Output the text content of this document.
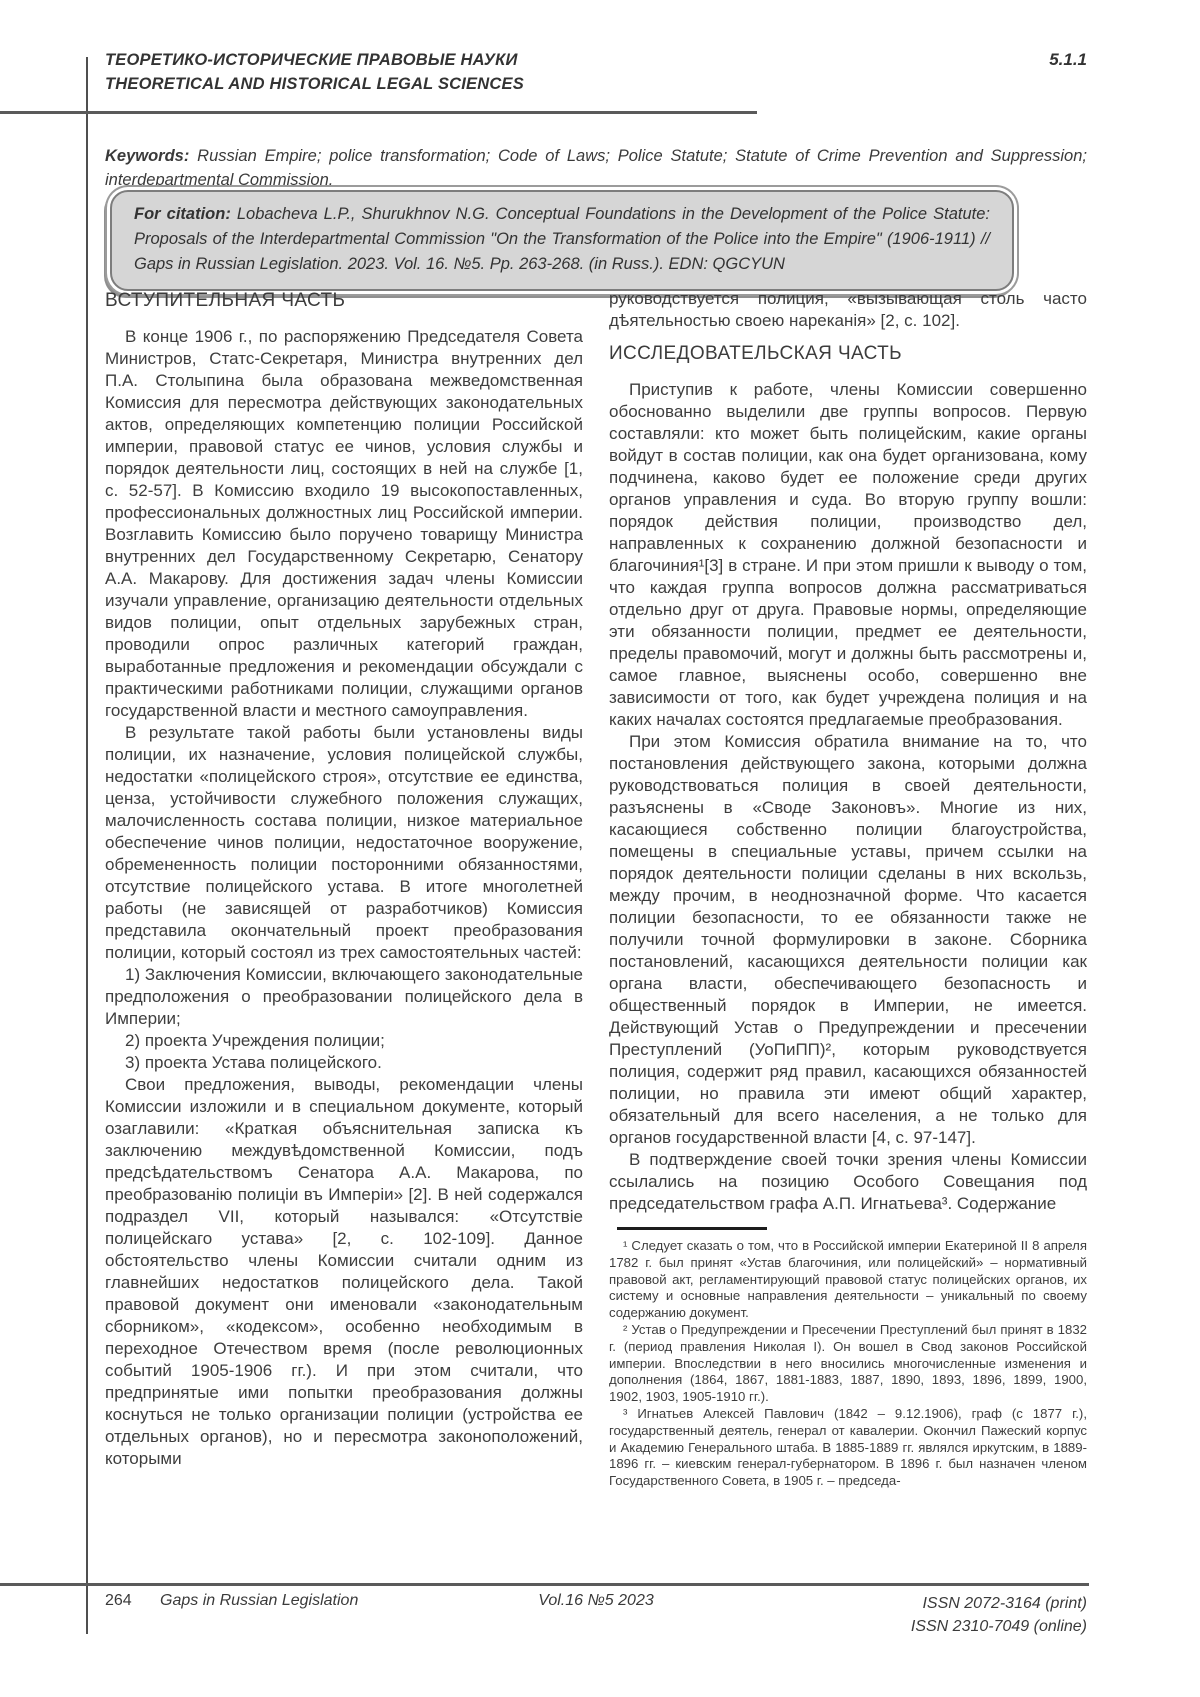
ТЕОРЕТИКО-ИСТОРИЧЕСКИЕ ПРАВОВЫЕ НАУКИ
THEORETICAL AND HISTORICAL LEGAL SCIENCES
5.1.1

Keywords: Russian Empire; police transformation; Code of Laws; Police Statute; Statute of Crime Prevention and Suppression; interdepartmental Commission.

For citation: Lobacheva L.P., Shurukhnov N.G. Conceptual Foundations in the Development of the Police Statute: Proposals of the Interdepartmental Commission "On the Transformation of the Police into the Empire" (1906-1911) // Gaps in Russian Legislation. 2023. Vol. 16. №5. Pp. 263-268. (in Russ.). EDN: QGCYUN
ВСТУПИТЕЛЬНАЯ ЧАСТЬ

В конце 1906 г., по распоряжению Председателя Совета Министров, Статс-Секретаря, Министра внутренних дел П.А. Столыпина была образована межведомственная Комиссия для пересмотра действующих законодательных актов, определяющих компетенцию полиции Российской империи, правовой статус ее чинов, условия службы и порядок деятельности лиц, состоящих в ней на службе [1, с. 52-57]. В Комиссию входило 19 высокопоставленных, профессиональных должностных лиц Российской империи. Возглавить Комиссию было поручено товарищу Министра внутренних дел Государственному Секретарю, Сенатору А.А. Макарову. Для достижения задач члены Комиссии изучали управление, организацию деятельности отдельных видов полиции, опыт отдельных зарубежных стран, проводили опрос различных категорий граждан, выработанные предложения и рекомендации обсуждали с практическими работниками полиции, служащими органов государственной власти и местного самоуправления.

В результате такой работы были установлены виды полиции, их назначение, условия полицейской службы, недостатки «полицейского строя», отсутствие ее единства, ценза, устойчивости служебного положения служащих, малочисленность состава полиции, низкое материальное обеспечение чинов полиции, недостаточное вооружение, обремененность полиции посторонними обязанностями, отсутствие полицейского устава. В итоге многолетней работы (не зависящей от разработчиков) Комиссия представила окончательный проект преобразования полиции, который состоял из трех самостоятельных частей:

1) Заключения Комиссии, включающего законодательные предположения о преобразовании полицейского дела в Империи;

2) проекта Учреждения полиции;

3) проекта Устава полицейского.

Свои предложения, выводы, рекомендации члены Комиссии изложили и в специальном документе, который озаглавили: «Краткая объяснительная записка къ заключению междувѣдомственной Комиссии, подъ предсѣдательствомъ Сенатора А.А. Макарова, по преобразованію полиціи въ Имперіи» [2]. В ней содержался подраздел VII, который назывался: «Отсутствіе полицейскаго устава» [2, с. 102-109]. Данное обстоятельство члены Комиссии считали одним из главнейших недостатков полицейского дела. Такой правовой документ они именовали «законодательным сборником», «кодексом», особенно необходимым в переходное Отечеством время (после революционных событий 1905-1906 гг.). И при этом считали, что предпринятые ими попытки преобразования должны коснуться не только организации полиции (устройства ее отдельных органов), но и пересмотра законоположений, которыми

руководствуется полиция, «вызывающая столь часто дѣятельностью своею нареканія» [2, с. 102].

ИССЛЕДОВАТЕЛЬСКАЯ ЧАСТЬ

Приступив к работе, члены Комиссии совершенно обоснованно выделили две группы вопросов. Первую составляли: кто может быть полицейским, какие органы войдут в состав полиции, как она будет организована, кому подчинена, каково будет ее положение среди других органов управления и суда. Во вторую группу вошли: порядок действия полиции, производство дел, направленных к сохранению должной безопасности и благочиния¹[3] в стране. И при этом пришли к выводу о том, что каждая группа вопросов должна рассматриваться отдельно друг от друга. Правовые нормы, определяющие эти обязанности полиции, предмет ее деятельности, пределы правомочий, могут и должны быть рассмотрены и, самое главное, выяснены особо, совершенно вне зависимости от того, как будет учреждена полиция и на каких началах состоятся предлагаемые преобразования.

При этом Комиссия обратила внимание на то, что постановления действующего закона, которыми должна руководствоваться полиция в своей деятельности, разъяснены в «Своде Законовъ». Многие из них, касающиеся собственно полиции благоустройства, помещены в специальные уставы, причем ссылки на порядок деятельности полиции сделаны в них вскользь, между прочим, в неоднозначной форме. Что касается полиции безопасности, то ее обязанности также не получили точной формулировки в законе. Сборника постановлений, касающихся деятельности полиции как органа власти, обеспечивающего безопасность и общественный порядок в Империи, не имеется. Действующий Устав о Предупреждении и пресечении Преступлений (УоПиПП)², которым руководствуется полиция, содержит ряд правил, касающихся обязанностей полиции, но правила эти имеют общий характер, обязательный для всего населения, а не только для органов государственной власти [4, с. 97-147].

В подтверждение своей точки зрения члены Комиссии ссылались на позицию Особого Совещания под председательством графа А.П. Игнатьева³. Содержание

¹ Следует сказать о том, что в Российской империи Екатериной II 8 апреля 1782 г. был принят «Устав благочиния, или полицейский» – нормативный правовой акт, регламентирующий правовой статус полицейских органов, их систему и основные направления деятельности – уникальный по своему содержанию документ.

² Устав о Предупреждении и Пресечении Преступлений был принят в 1832 г. (период правления Николая I). Он вошел в Свод законов Российской империи. Впоследствии в него вносились многочисленные изменения и дополнения (1864, 1867, 1881-1883, 1887, 1890, 1893, 1896, 1899, 1900, 1902, 1903, 1905-1910 гг.).

³ Игнатьев Алексей Павлович (1842 – 9.12.1906), граф (с 1877 г.), государственный деятель, генерал от кавалерии. Окончил Пажеский корпус и Академию Генерального штаба. В 1885-1889 гг. являлся иркутским, в 1889-1896 гг. – киевским генерал-губернатором. В 1896 г. был назначен членом Государственного Совета, в 1905 г. – председа-

264 Gaps in Russian Legislation	Vol.16 №5 2023	ISSN 2072-3164 (print)
ISSN 2310-7049 (online)
